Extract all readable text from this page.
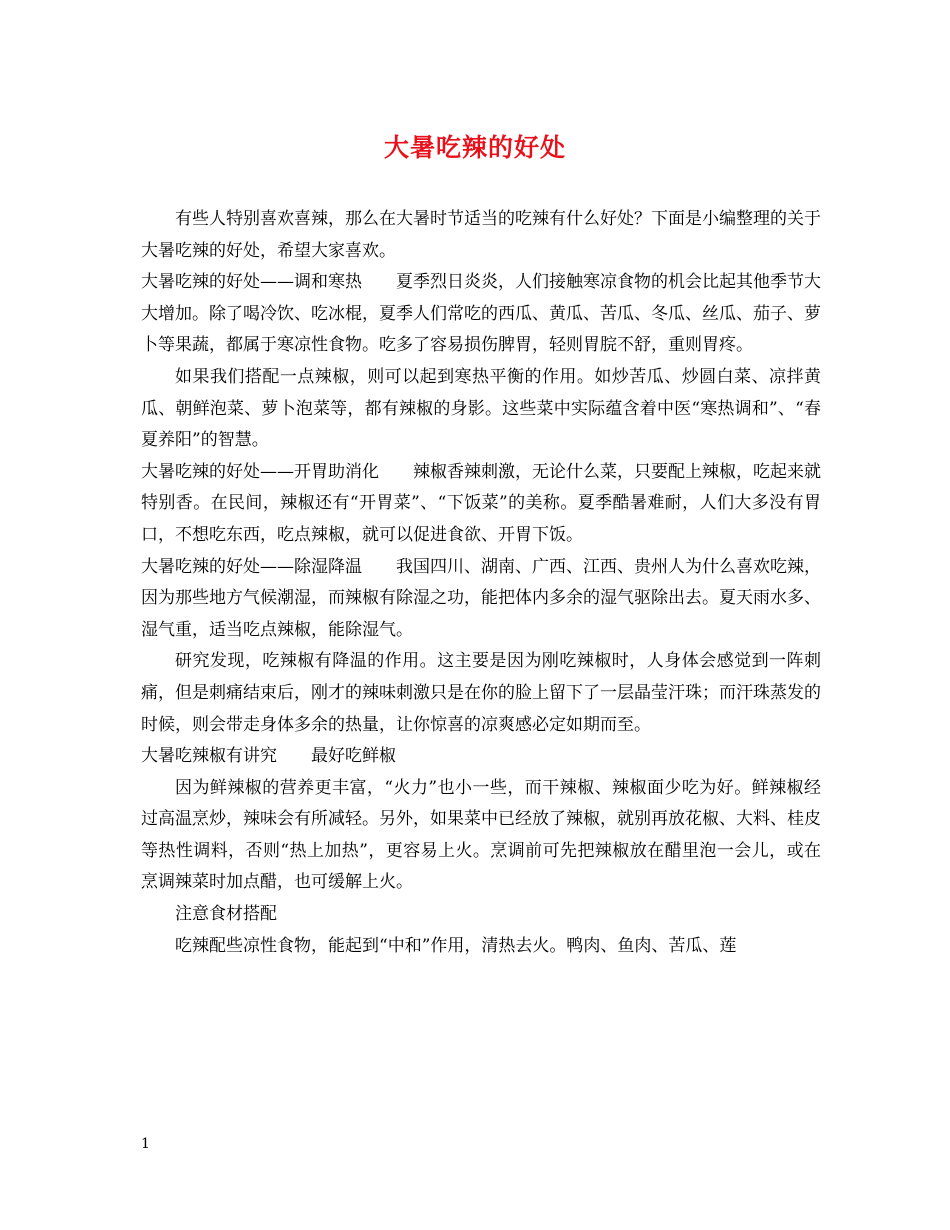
大暑吃辣的好处

有些人特别喜欢喜辣，那么在大暑时节适当的吃辣有什么好处？下面是小编整理的关于大暑吃辣的好处，希望大家喜欢。

大暑吃辣的好处——调和寒热 夏季烈日炎炎，人们接触寒凉食物的机会比起其他季节大大增加。除了喝冷饮、吃冰棍，夏季人们常吃的西瓜、黄瓜、苦瓜、冬瓜、丝瓜、茄子、萝卜等果蔬，都属于寒凉性食物。吃多了容易损伤脾胃，轻则胃脘不舒，重则胃疼。

如果我们搭配一点辣椒，则可以起到寒热平衡的作用。如炒苦瓜、炒圆白菜、凉拌黄瓜、朝鲜泡菜、萝卜泡菜等，都有辣椒的身影。这些菜中实际蕴含着中医“寒热调和”、“春夏养阳”的智慧。

大暑吃辣的好处——开胃助消化 辣椒香辣刺激，无论什么菜，只要配上辣椒，吃起来就特别香。在民间，辣椒还有“开胃菜”、“下饭菜”的美称。夏季酷暑难耐，人们大多没有胃口，不想吃东西，吃点辣椒，就可以促进食欲、开胃下饭。

大暑吃辣的好处——除湿降温 我国四川、湖南、广西、江西、贵州人为什么喜欢吃辣，因为那些地方气候潮湿，而辣椒有除湿之功，能把体内多余的湿气驱除出去。夏天雨水多、湿气重，适当吃点辣椒，能除湿气。

研究发现，吃辣椒有降温的作用。这主要是因为刚吃辣椒时，人身体会感觉到一阵刺痛，但是刺痛结束后，刚才的辣味刺激只是在你的脸上留下了一层晶莹汗珠；而汗珠蒸发的时候，则会带走身体多余的热量，让你惊喜的凉爽感必定如期而至。

大暑吃辣椒有讲究 最好吃鲜椒

因为鲜辣椒的营养更丰富，“火力”也小一些，而干辣椒、辣椒面少吃为好。鲜辣椒经过高温烹炒，辣味会有所减轻。另外，如果菜中已经放了辣椒，就别再放花椒、大料、桂皮等热性调料，否则“热上加热”，更容易上火。烹调前可先把辣椒放在醋里泡一会儿，或在烹调辣菜时加点醋，也可缓解上火。

注意食材搭配

吃辣配些凉性食物，能起到“中和”作用，清热去火。鸭肉、鱼肉、苦瓜、莲

1
